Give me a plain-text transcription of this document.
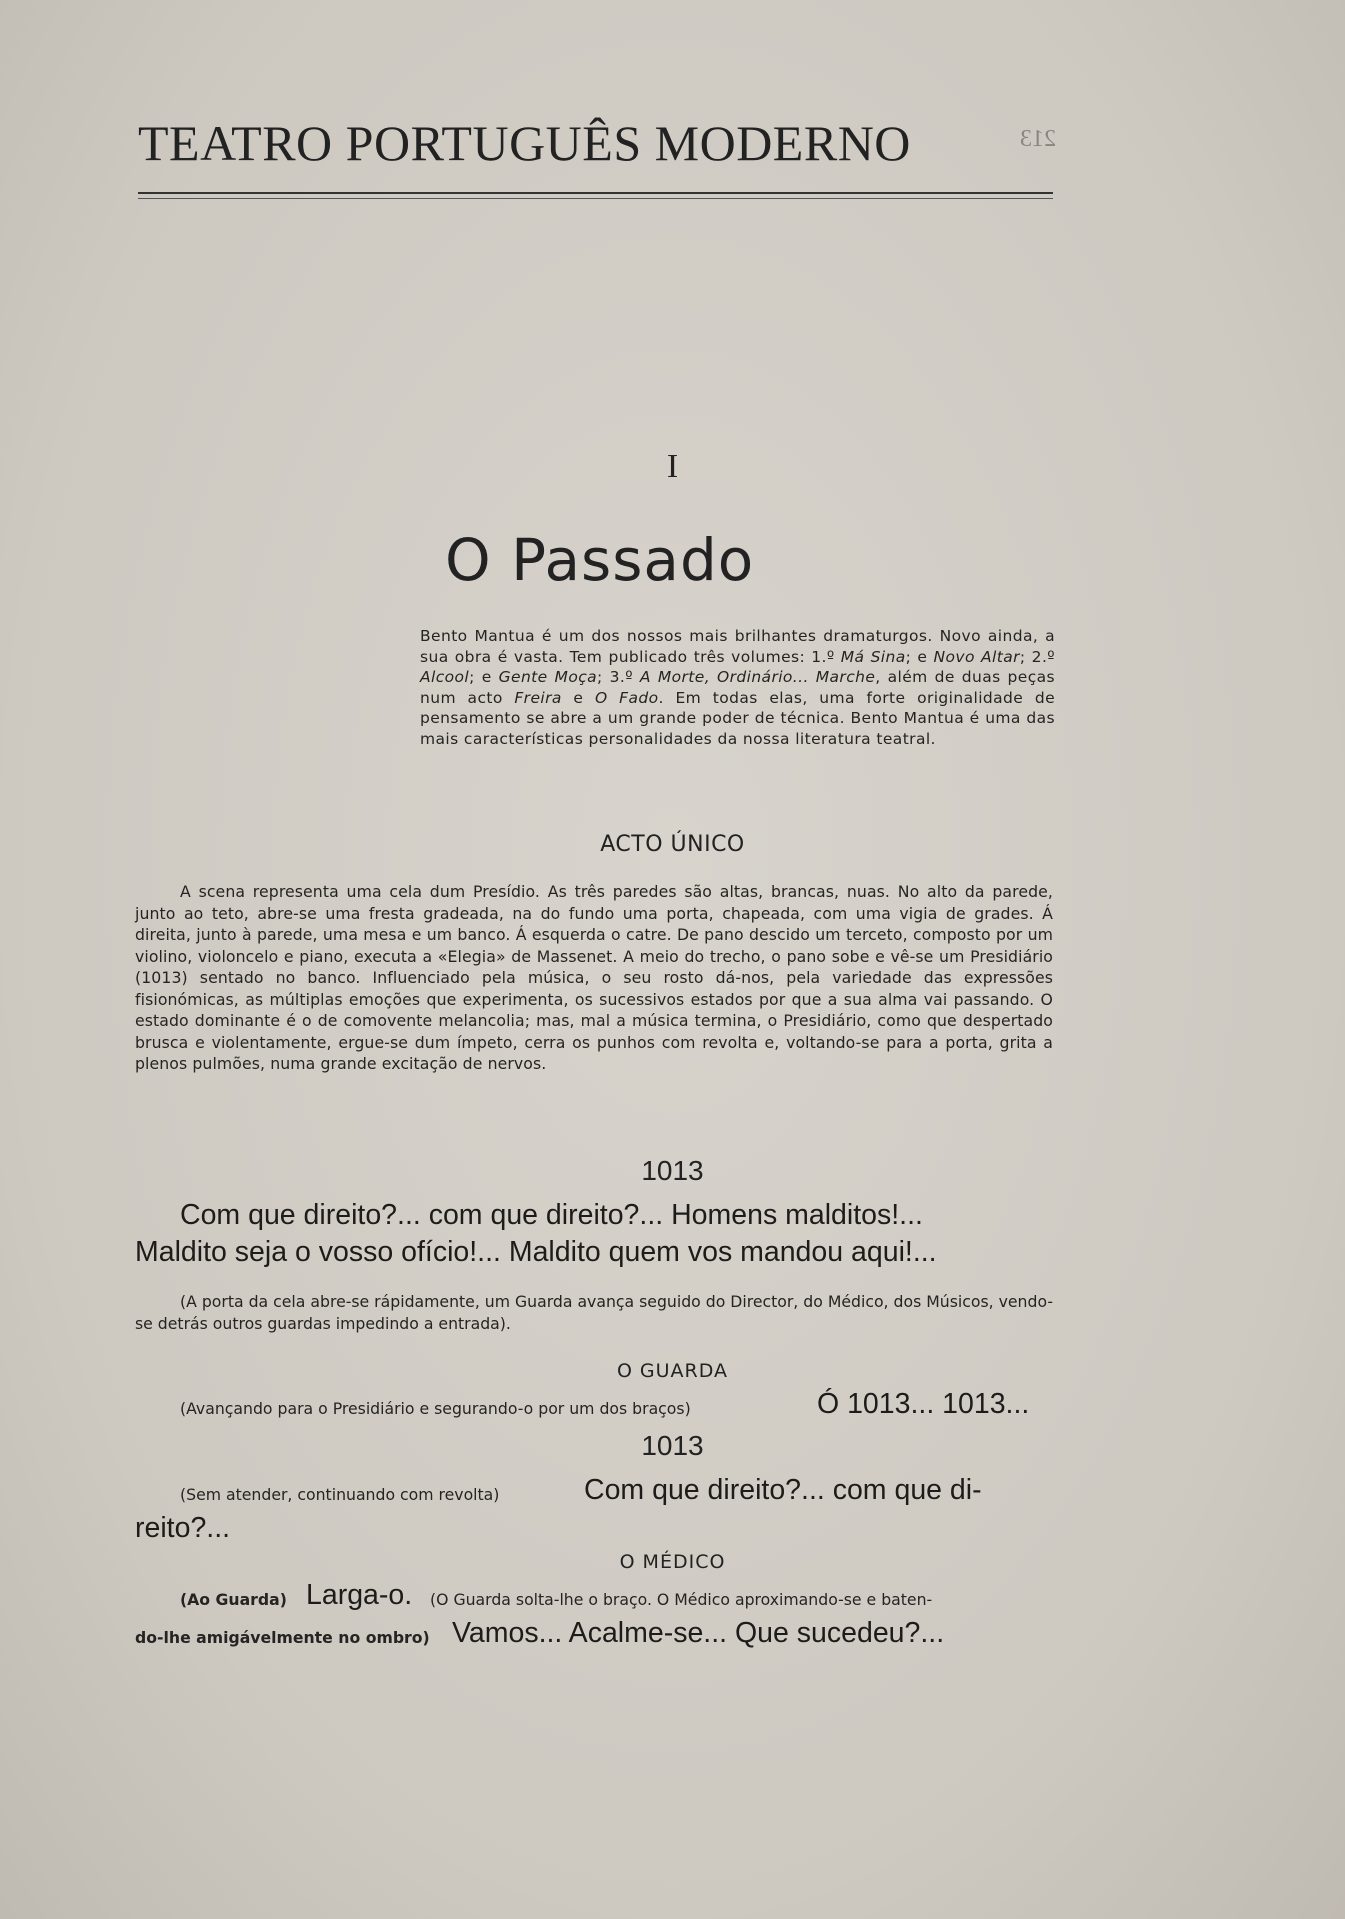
TEATRO PORTUGUÊS MODERNO	213
I
O Passado
Bento Mantua é um dos nossos mais brilhantes dramaturgos. Novo ainda, a sua obra é vasta. Tem publicado três volumes: 1.º Má Sina; e Novo Altar; 2.º Alcool; e Gente Moça; 3.º A Morte, Ordinário... Marche, além de duas peças num acto Freira e O Fado. Em todas elas, uma forte originalidade de pensamento se abre a um grande poder de técnica. Bento Mantua é uma das mais características personalidades da nossa literatura teatral.
ACTO ÚNICO
A scena representa uma cela dum Presídio. As três paredes são altas, brancas, nuas. No alto da parede, junto ao teto, abre-se uma fresta gradeada, na do fundo uma porta, chapeada, com uma vigia de grades. Á direita, junto à parede, uma mesa e um banco. Á esquerda o catre. De pano descido um terceto, composto por um violino, violoncelo e piano, executa a «Elegia» de Massenet. A meio do trecho, o pano sobe e vê-se um Presidiário (1013) sentado no banco. Influenciado pela música, o seu rosto dá-nos, pela variedade das expressões fisionómicas, as múltiplas emoções que experimenta, os sucessivos estados por que a sua alma vai passando. O estado dominante é o de comovente melancolia; mas, mal a música termina, o Presidiário, como que despertado brusca e violentamente, ergue-se dum ímpeto, cerra os punhos com revolta e, voltando-se para a porta, grita a plenos pulmões, numa grande excitação de nervos.
1013
Com que direito?... com que direito?... Homens malditos!...
Maldito seja o vosso ofício!... Maldito quem vos mandou aqui!...
(A porta da cela abre-se rápidamente, um Guarda avança seguido do Director, do Médico, dos Músicos, vendo-se detrás outros guardas impedindo a entrada).
O GUARDA
(Avançando para o Presidiário e segurando-o por um dos braços)	Ó 1013... 1013...
1013
(Sem atender, continuando com revolta)	Com que direito?... com que di-
reito?...
O MÉDICO
(Ao Guarda) Larga-o. (O Guarda solta-lhe o braço. O Médico aproximando-se e baten-
do-lhe amigávelmente no ombro) Vamos... Acalme-se... Que sucedeu?...
